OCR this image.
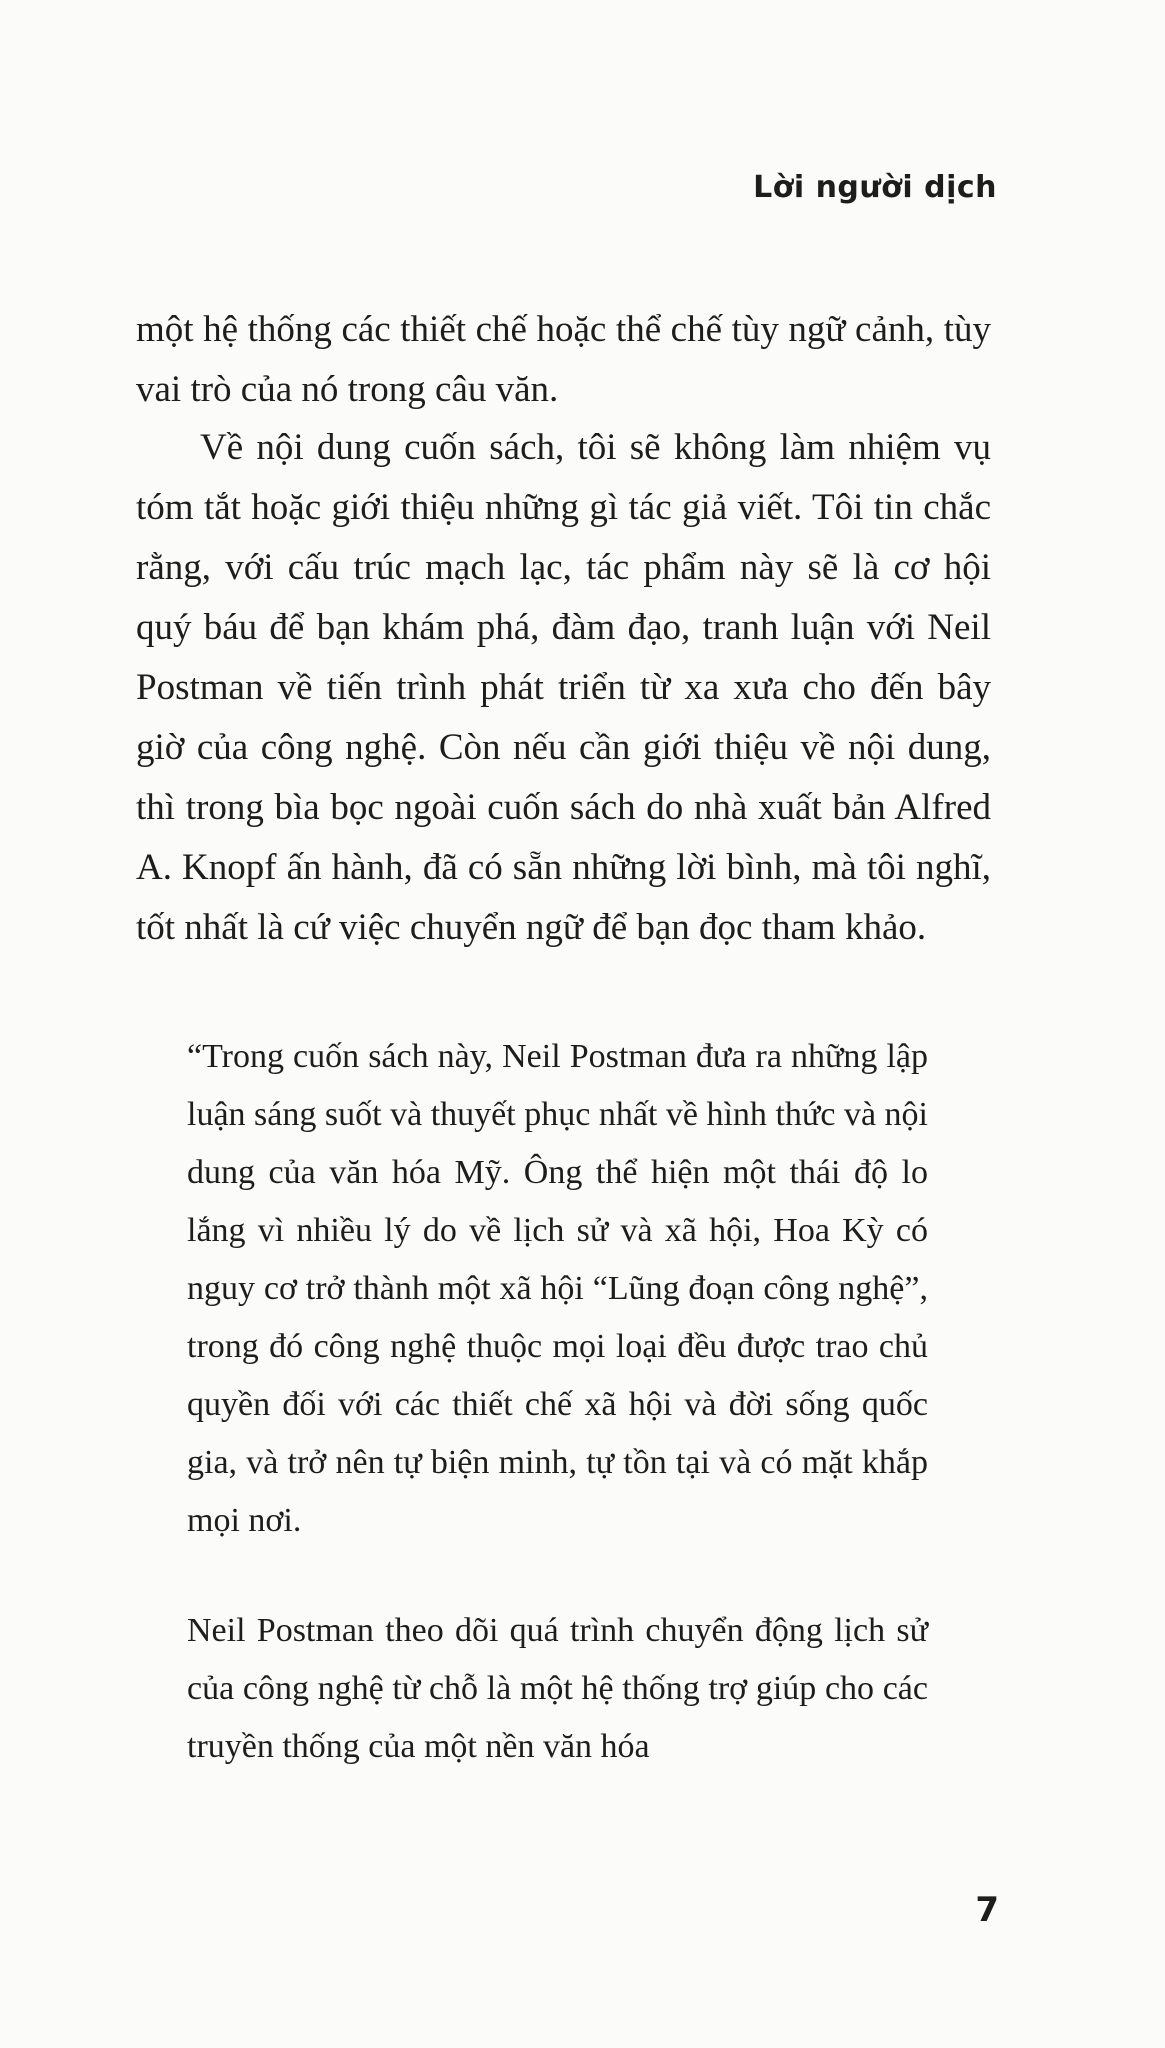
Lời người dịch

một hệ thống các thiết chế hoặc thể chế tùy ngữ cảnh, tùy vai trò của nó trong câu văn.

Về nội dung cuốn sách, tôi sẽ không làm nhiệm vụ tóm tắt hoặc giới thiệu những gì tác giả viết. Tôi tin chắc rằng, với cấu trúc mạch lạc, tác phẩm này sẽ là cơ hội quý báu để bạn khám phá, đàm đạo, tranh luận với Neil Postman về tiến trình phát triển từ xa xưa cho đến bây giờ của công nghệ. Còn nếu cần giới thiệu về nội dung, thì trong bìa bọc ngoài cuốn sách do nhà xuất bản Alfred A. Knopf ấn hành, đã có sẵn những lời bình, mà tôi nghĩ, tốt nhất là cứ việc chuyển ngữ để bạn đọc tham khảo.

“Trong cuốn sách này, Neil Postman đưa ra những lập luận sáng suốt và thuyết phục nhất về hình thức và nội dung của văn hóa Mỹ. Ông thể hiện một thái độ lo lắng vì nhiều lý do về lịch sử và xã hội, Hoa Kỳ có nguy cơ trở thành một xã hội “Lũng đoạn công nghệ”, trong đó công nghệ thuộc mọi loại đều được trao chủ quyền đối với các thiết chế xã hội và đời sống quốc gia, và trở nên tự biện minh, tự tồn tại và có mặt khắp mọi nơi.

Neil Postman theo dõi quá trình chuyển động lịch sử của công nghệ từ chỗ là một hệ thống trợ giúp cho các truyền thống của một nền văn hóa

7
